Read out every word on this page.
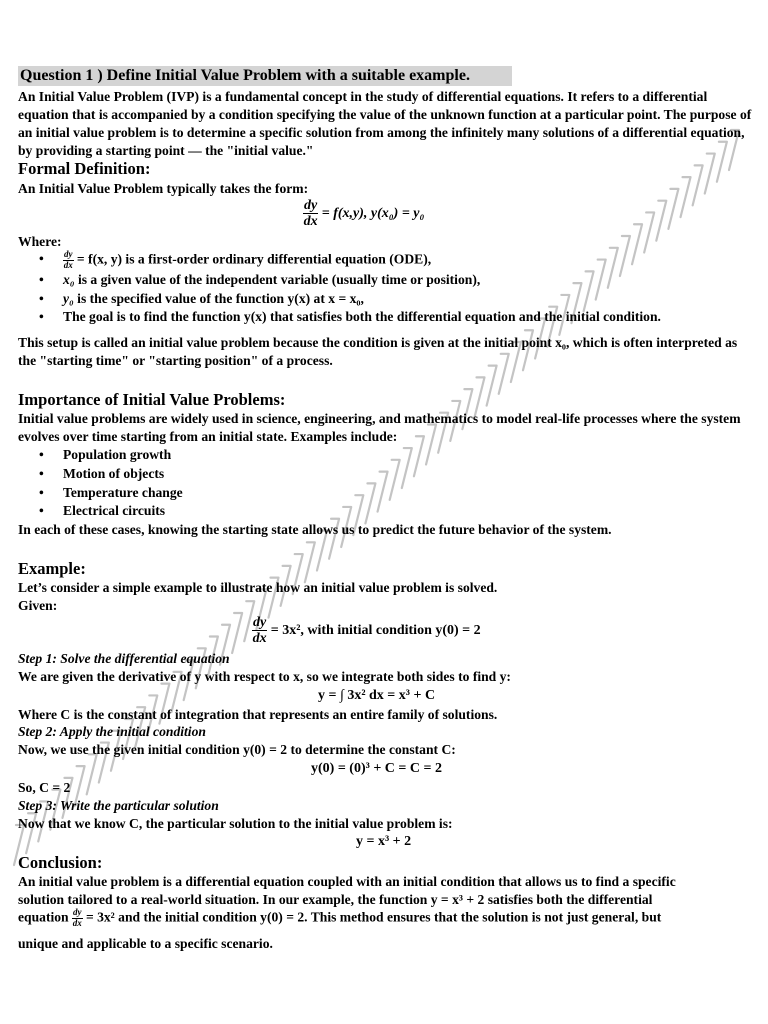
Question 1 ) Define Initial Value Problem with a suitable example.
An Initial Value Problem (IVP) is a fundamental concept in the study of differential equations. It refers to a differential equation that is accompanied by a condition specifying the value of the unknown function at a particular point. The purpose of an initial value problem is to determine a specific solution from among the infinitely many solutions of a differential equation, by providing a starting point — the "initial value."
Formal Definition:
An Initial Value Problem typically takes the form:
$\frac{dy}{dx} = f(x,y)$, y(x₀) = y₀
Where:
• $\frac{dy}{dx} = f(x$, y) is a first-order ordinary differential equation (ODE),
• x₀ is a given value of the independent variable (usually time or position),
• y₀ is the specified value of the function y(x) at x = x₀,
• The goal is to find the function y(x) that satisfies both the differential equation and the initial condition.
This setup is called an initial value problem because the condition is given at the initial point x₀, which is often interpreted as the "starting time" or "starting position" of a process.
Importance of Initial Value Problems:
Initial value problems are widely used in science, engineering, and mathematics to model real-life processes where the system evolves over time starting from an initial state. Examples include:
• Population growth
• Motion of objects
• Temperature change
• Electrical circuits
In each of these cases, knowing the starting state allows us to predict the future behavior of the system.
Example:
Let’s consider a simple example to illustrate how an initial value problem is solved.
Given:
$\frac{dy}{dx} = 3x^2$, with initial condition y(0) = 2
Step 1: Solve the differential equation
We are given the derivative of y with respect to x, so we integrate both sides to find y:
y = ∫ 3x² dx = x³ + C
Where C is the constant of integration that represents an entire family of solutions.
Step 2: Apply the initial condition
Now, we use the given initial condition y(0) = 2 to determine the constant C:
y(0) = (0)³ + C = C = 2
So, C = 2
Step 3: Write the particular solution
Now that we know C, the particular solution to the initial value problem is:
y = x³ + 2
Conclusion:
An initial value problem is a differential equation coupled with an initial condition that allows us to find a specific
solution tailored to a real-world situation. In our example, the function y = x³ + 2 satisfies both the differential
equation $\frac{dy}{dx} = 3x^2$ and the initial condition y(0) = 2. This method ensures that the solution is not just general, but
unique and applicable to a specific scenario.
